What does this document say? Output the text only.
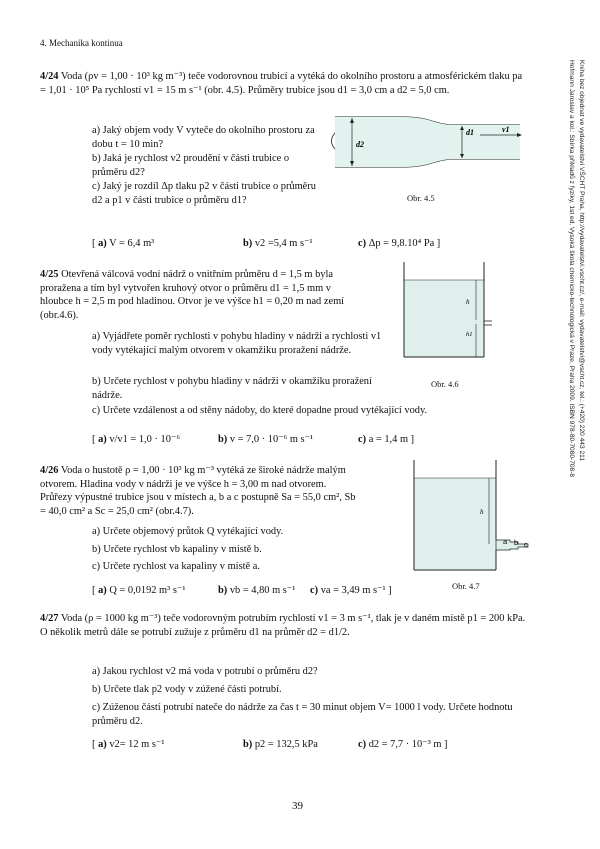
4. Mechanika kontinua
Hofmann Jaroslav a kol.: Sbírka příkladů z fyziky, 1st ed. Vysoká škola chemicko-technologická v Praze, Praha 2009. ISBN 978-80-7080-708-8 Kniha bez objednat ve vydavatelství VŠCHT Praha, http://vydavatelstvi.vscht.cz/, e-mail: vydavatelstvi@vscht.cz, tel.: (+420) 220 443 211
4/24 Voda (ρv = 1,00 · 10³ kg m⁻³) teče vodorovnou trubicí a vytéká do okolního prostoru a atmosférickém tlaku pa = 1,01 · 10⁵ Pa rychlostí v1 = 15 m s⁻¹ (obr. 4.5). Průměry trubice jsou d1 = 3,0 cm a d2 = 5,0 cm.
a) Jaký objem vody V vyteče do okolního prostoru za dobu t = 10 min?
b) Jaká je rychlost v2 proudění v části trubice o průměru d2?
c) Jaký je rozdíl Δp tlaku p2 v části trubice o průměru d2 a p1 v části trubice o průměru d1?
d2
d1	v1
Obr. 4.5
[ a) V = 6,4 m³	b) v2 =5,4 m s⁻¹	c) Δp = 9,8.10⁴ Pa ]
4/25 Otevřená válcová vodní nádrž o vnitřním průměru d = 1,5 m byla proražena a tím byl vytvořen kruhový otvor o průměru d1 = 1,5 mm v hloubce h = 2,5 m pod hladinou. Otvor je ve výšce h1 = 0,20 m nad zemí (obr.4.6).
a) Vyjádřete poměr rychlosti v pohybu hladiny v nádrži a rychlosti v1 vody vytékající malým otvorem v okamžiku proražení nádrže.
b) Určete rychlost v pohybu hladiny v nádrži v okamžiku proražení nádrže.
c) Určete vzdálenost a od stěny nádoby, do které dopadne proud vytékající vody.
h
h1
Obr. 4.6
[ a) v/v1 = 1,0 · 10⁻⁶	b) v = 7,0 · 10⁻⁶ m s⁻¹	c) a = 1,4 m ]
4/26 Voda o hustotě ρ = 1,00 · 10³ kg m⁻³ vytéká ze široké nádrže malým otvorem. Hladina vody v nádrži je ve výšce h = 3,00 m nad otvorem. Průřezy výpustné trubice jsou v místech a, b a c postupně Sa = 55,0 cm², Sb = 40,0 cm² a Sc = 25,0 cm² (obr.4.7).
a) Určete objemový průtok Q vytékající vody.
b) Určete rychlost vb kapaliny v místě b.
c) Určete rychlost va kapaliny v místě a.
h
a b c
Obr. 4.7
[ a) Q = 0,0192 m³ s⁻¹	b) vb = 4,80 m s⁻¹ c) va = 3,49 m s⁻¹ ]
4/27 Voda (ρ = 1000 kg m⁻³) teče vodorovným potrubím rychlostí v1 = 3 m s⁻¹, tlak je v daném místě p1 = 200 kPa. O několik metrů dále se potrubí zužuje z průměru d1 na průměr d2 = d1/2.
a) Jakou rychlost v2 má voda v potrubí o průměru d2?
b) Určete tlak p2 vody v zúžené části potrubí.
c) Zúženou částí potrubí nateče do nádrže za čas t = 30 minut objem V= 1000 l vody. Určete hodnotu průměru d2.
[ a) v2= 12 m s⁻¹	b) p2 = 132,5 kPa	c) d2 = 7,7 · 10⁻³ m ]
39
